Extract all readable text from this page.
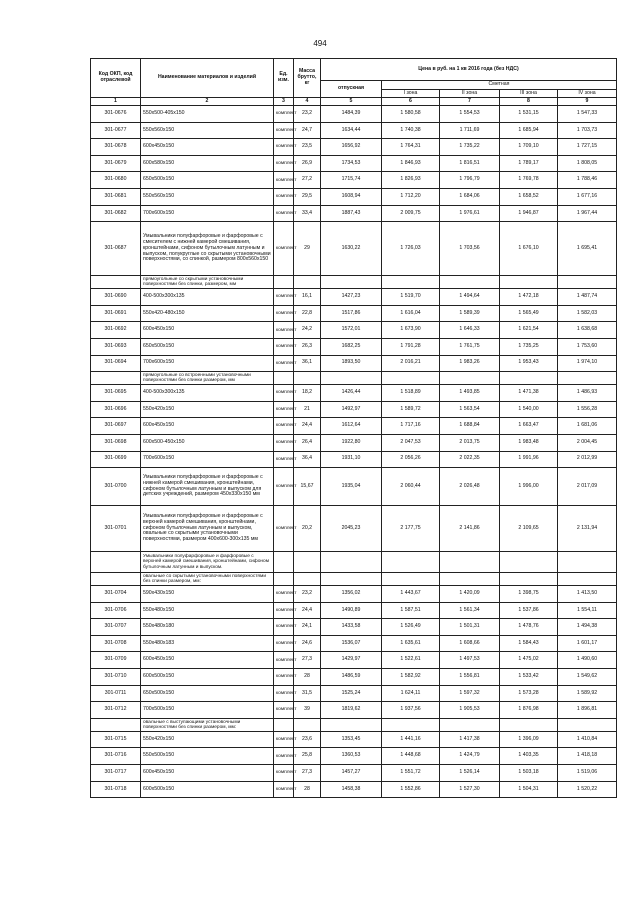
494
Код ОКП, код отраслевой	Наименование материалов и изделий	Ед. изм.	Масса брутто, кг	Цена в руб. на 1 кв 2016 года (без НДС)				
				отпускная	Сметная			
					I зона	II зона	III зона	IV зона
1	2	3	4	5	6	7	8	9
301-0676	550x500-405x150	комплект	23,2	1484,39	1 580,58	1 554,53	1 531,15	1 547,33
301-0677	550x560x150	комплект	24,7	1634,44	1 740,38	1 711,69	1 685,94	1 703,73
301-0678	600x450x150	комплект	23,5	1656,92	1 764,31	1 735,22	1 709,10	1 727,15
301-0679	600x580x150	комплект	26,9	1734,53	1 846,93	1 816,51	1 789,17	1 808,05
301-0680	650x500x150	комплект	27,2	1715,74	1 826,93	1 796,79	1 769,78	1 788,46
301-0681	550x560x150	комплект	29,5	1608,94	1 712,20	1 684,06	1 658,52	1 677,16
301-0682	700x600x150	комплект	33,4	1887,43	2 009,75	1 976,61	1 946,87	1 967,44
301-0687	Умывальники полуфарфоровые и фарфоровые с смесителем с нижней камерой смешивания, кронштейнами, сифоном бутылочным латунным и выпуском, полукруглые со скрытыми установочными поверхностями, со спинкой, размером 800x560x150	комплект	29	1630,22	1 726,03	1 703,56	1 676,10	1 695,41
	прямоугольные со скрытыми установочными поверхностями без спинки, размером, мм							
301-0690	400-500x300x135	комплект	16,1	1427,23	1 519,70	1 494,64	1 472,18	1 487,74
301-0691	550x420-480x150	комплект	22,8	1517,86	1 616,04	1 589,39	1 565,49	1 582,03
301-0692	600x450x150	комплект	24,2	1572,01	1 673,90	1 646,33	1 621,54	1 638,68
301-0693	650x500x150	комплект	26,3	1682,25	1 791,28	1 761,75	1 735,25	1 753,60
301-0694	700x600x150	комплект	36,1	1893,50	2 016,21	1 983,26	1 953,43	1 974,10
	прямоугольные со встроенными установочными поверхностями без спинки размером, мм							
301-0695	400-500x300x135	комплект	18,2	1426,44	1 518,89	1 493,85	1 471,38	1 486,93
301-0696	550x420x150	комплект	21	1492,97	1 589,72	1 563,54	1 540,00	1 556,28
301-0697	600x450x150	комплект	24,4	1612,64	1 717,16	1 688,84	1 663,47	1 681,06
301-0698	600x500-450x150	комплект	26,4	1922,80	2 047,53	2 013,75	1 983,48	2 004,45
301-0699	700x600x150	комплект	36,4	1931,10	2 056,26	2 022,35	1 991,96	2 012,99
301-0700	Умывальники полуфарфоровые и фарфоровые с нижней камерой смешивания, кронштейнами, сифоном бутылочным латунным и выпуском для детских учреждений, размером 450x330x150 мм	комплект	15,67	1935,04	2 060,44	2 026,48	1 996,00	2 017,09
301-0701	Умывальники полуфарфоровые и фарфоровые с верхней камерой смешивания, кронштейнами, сифоном бутылочным латунным и выпуском, овальные со скрытыми установочными поверхностями, размером 400x600-300x135 мм	комплект	20,2	2045,23	2 177,75	2 141,86	2 109,65	2 131,94
	Умывальники полуфарфоровые и фарфоровые с верхней камерой смешивания, кронштейнами, сифоном бутылочным латунным и выпуском.							
	овальные со скрытыми установочными поверхностями без спинки размером, мм:							
301-0704	590x430x150	комплект	23,2	1356,02	1 443,67	1 420,09	1 398,75	1 413,50
301-0706	550x480x150	комплект	24,4	1490,89	1 587,51	1 561,34	1 537,86	1 554,11
301-0707	550x480x180	комплект	24,1	1433,58	1 526,49	1 501,31	1 478,76	1 494,38
301-0708	550x480x183	комплект	24,6	1536,07	1 635,61	1 608,66	1 584,43	1 601,17
301-0709	600x450x150	комплект	27,3	1429,97	1 522,61	1 497,53	1 475,02	1 490,60
301-0710	600x500x150	комплект	28	1486,59	1 582,92	1 556,81	1 533,42	1 549,62
301-0711	650x500x150	комплект	31,5	1525,24	1 624,11	1 597,32	1 573,28	1 589,92
301-0712	700x500x150	комплект	39	1819,62	1 937,56	1 905,53	1 876,98	1 896,81
	овальные с выступающими установочными поверхностями без спинки размером, мм:							
301-0715	550x420x150	комплект	23,6	1353,45	1 441,16	1 417,38	1 396,09	1 410,84
301-0716	550x500x150	комплект	25,8	1360,53	1 448,68	1 424,79	1 403,35	1 418,18
301-0717	600x450x150	комплект	27,3	1457,27	1 551,72	1 526,14	1 503,18	1 519,06
301-0718	600x500x150	комплект	28	1458,38	1 552,86	1 527,30	1 504,31	1 520,22
